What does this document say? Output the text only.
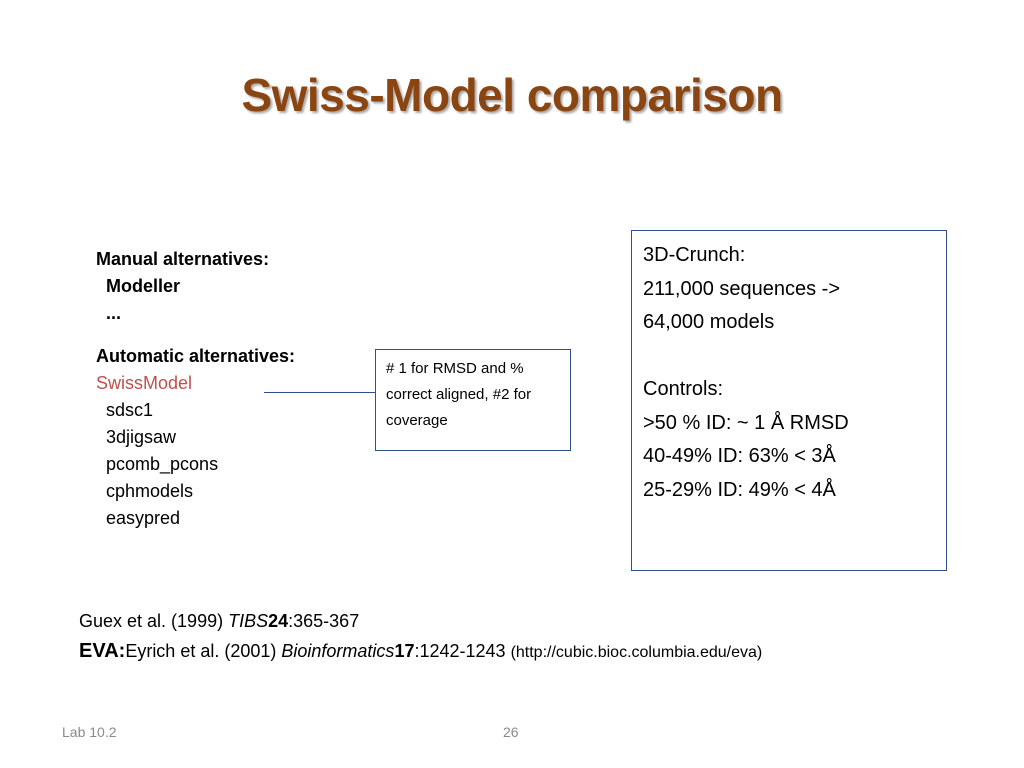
Swiss-Model comparison
Manual alternatives:
Modeller
...
Automatic alternatives:
SwissModel
sdsc1
3djigsaw
pcomb_pcons
cphmodels
easypred
# 1 for RMSD and % correct aligned, #2 for coverage
3D-Crunch:
211,000 sequences ->
64,000 models
Controls:
>50 % ID: ~ 1 Å RMSD
40-49% ID: 63% < 3Å
25-29% ID: 49% < 4Å
Guex et al. (1999) TIBS24:365-367
EVA:Eyrich et al. (2001) Bioinformatics17:1242-1243 (http://cubic.bioc.columbia.edu/eva)
Lab 10.2	26
